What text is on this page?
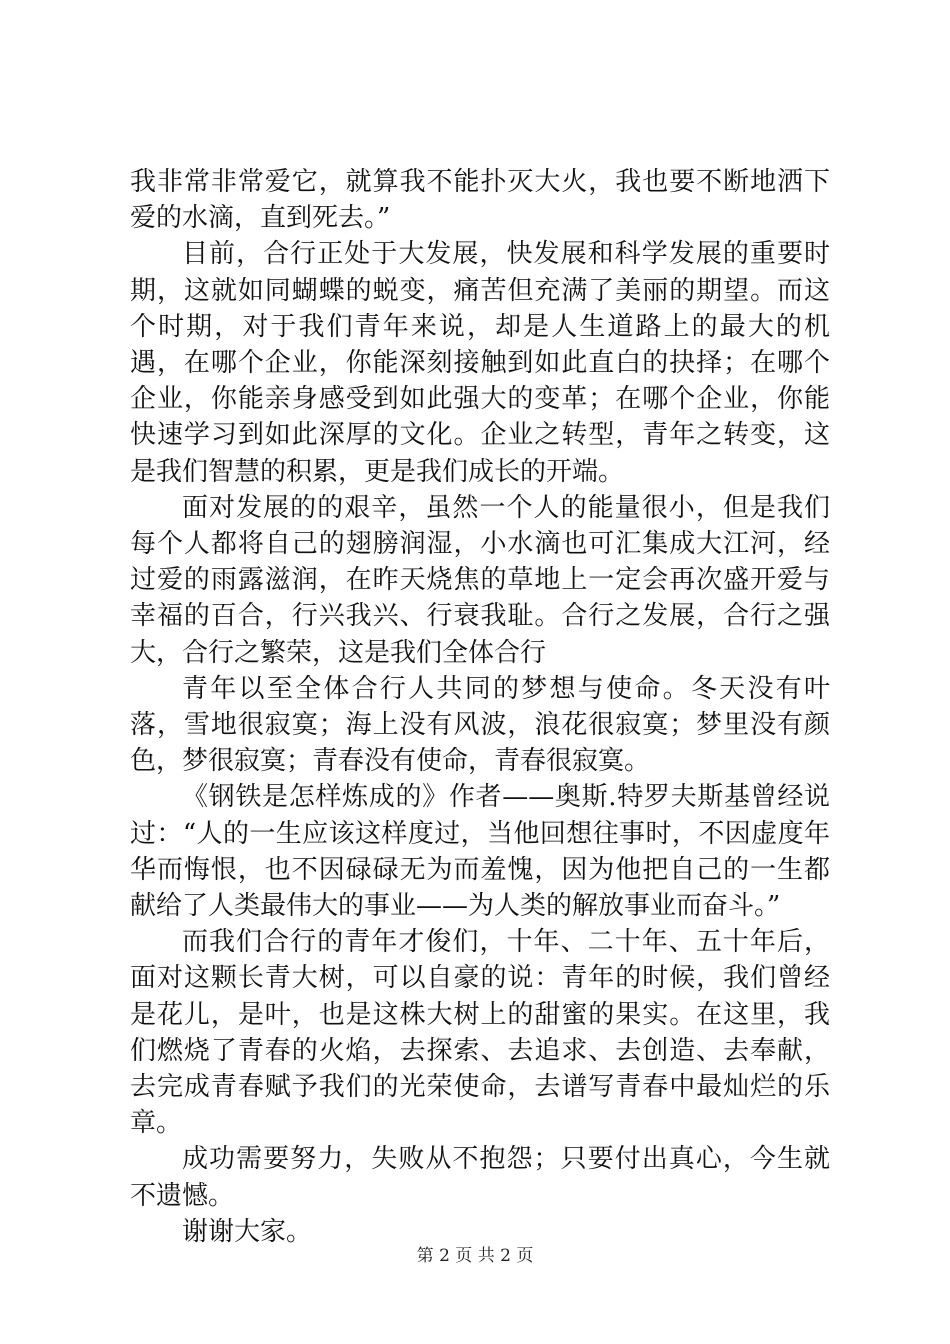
我非常非常爱它，就算我不能扑灭大火，我也要不断地洒下爱的水滴，直到死去。”

目前，合行正处于大发展，快发展和科学发展的重要时期，这就如同蝴蝶的蜕变，痛苦但充满了美丽的期望。而这个时期，对于我们青年来说，却是人生道路上的最大的机遇，在哪个企业，你能深刻接触到如此直白的抉择；在哪个企业，你能亲身感受到如此强大的变革；在哪个企业，你能快速学习到如此深厚的文化。企业之转型，青年之转变，这是我们智慧的积累，更是我们成长的开端。

面对发展的的艰辛，虽然一个人的能量很小，但是我们每个人都将自己的翅膀润湿，小水滴也可汇集成大江河，经过爱的雨露滋润，在昨天烧焦的草地上一定会再次盛开爱与幸福的百合，行兴我兴、行衰我耻。合行之发展，合行之强大，合行之繁荣，这是我们全体合行

青年以至全体合行人共同的梦想与使命。冬天没有叶落，雪地很寂寞；海上没有风波，浪花很寂寞；梦里没有颜色，梦很寂寞；青春没有使命，青春很寂寞。

《钢铁是怎样炼成的》作者——奥斯.特罗夫斯基曾经说过：“人的一生应该这样度过，当他回想往事时，不因虚度年华而悔恨，也不因碌碌无为而羞愧，因为他把自己的一生都献给了人类最伟大的事业——为人类的解放事业而奋斗。”

而我们合行的青年才俊们，十年、二十年、五十年后，面对这颗长青大树，可以自豪的说：青年的时候，我们曾经是花儿，是叶，也是这株大树上的甜蜜的果实。在这里，我们燃烧了青春的火焰，去探索、去追求、去创造、去奉献，去完成青春赋予我们的光荣使命，去谱写青春中最灿烂的乐章。

成功需要努力，失败从不抱怨；只要付出真心，今生就不遗憾。

谢谢大家。

第 2 页 共 2 页
